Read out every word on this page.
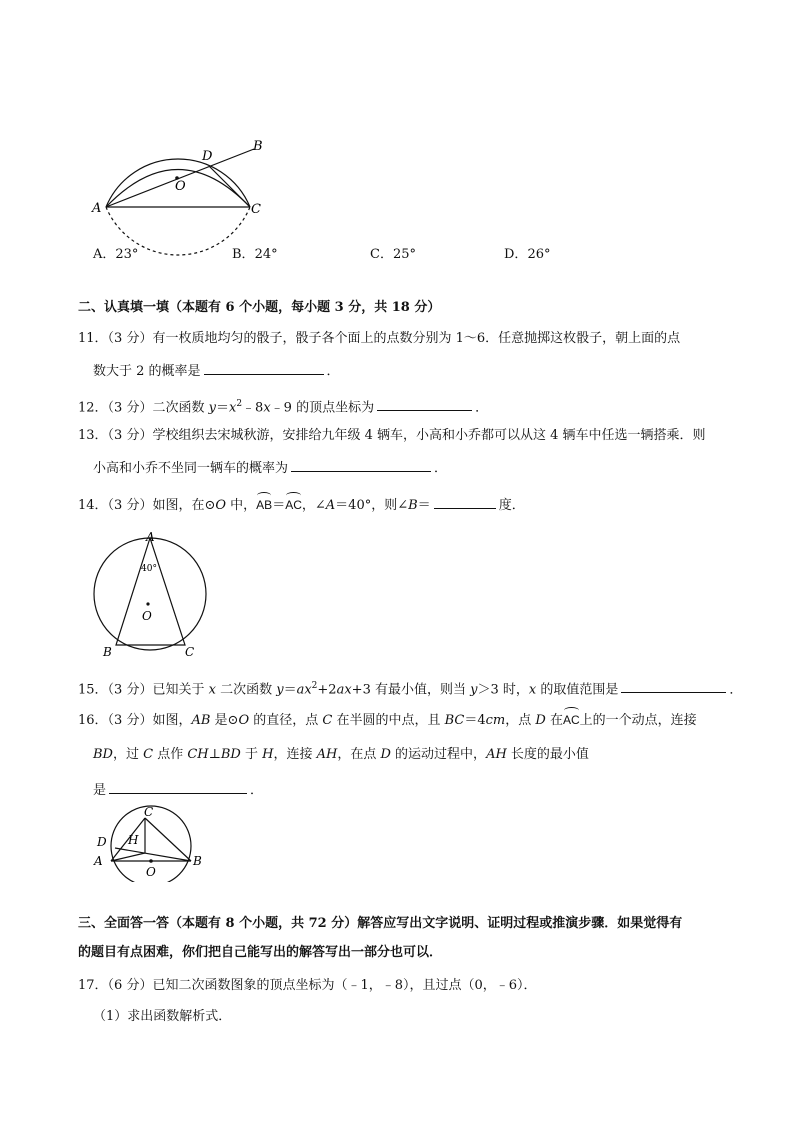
A
B
C
D
O
A．23°	B．24°	C．25°	D．26°
二、认真填一填（本题有 6 个小题，每小题 3 分，共 18 分）
11．（3 分）有一枚质地均匀的骰子，骰子各个面上的点数分别为 1～6．任意抛掷这枚骰子，朝上面的点
数大于 2 的概率是	．
12．（3 分）二次函数 $y=x^2﹣8x﹣9$ 的顶点坐标为	．
13．（3 分）学校组织去宋城秋游，安排给九年级 4 辆车，小高和小乔都可以从这 4 辆车中任选一辆搭乘．则
小高和小乔不坐同一辆车的概率为	．
14．（3 分）如图，在⊙O 中，AB＝AC，∠A＝40°，则∠B＝	度．
A
B	C
O
40°
15．（3 分）已知关于 x 二次函数 $y=ax^2+2ax+3$ 有最小值，则当 y＞3 时，x 的取值范围是	．
16．（3 分）如图，AB 是⊙O 的直径，点 C 在半圆的中点，且 BC＝4cm，点 D 在AC上的一个动点，连接
BD，过 C 点作 CH⊥BD 于 H，连接 AH，在点 D 的运动过程中，AH 长度的最小值
是	．
A	B
C
D H
O
三、全面答一答（本题有 8 个小题，共 72 分）解答应写出文字说明、证明过程或推演步骤．如果觉得有
的题目有点困难，你们把自己能写出的解答写出一部分也可以．
17．（6 分）已知二次函数图象的顶点坐标为（﹣1，﹣8），且过点（0，﹣6）．
（1）求出函数解析式．
